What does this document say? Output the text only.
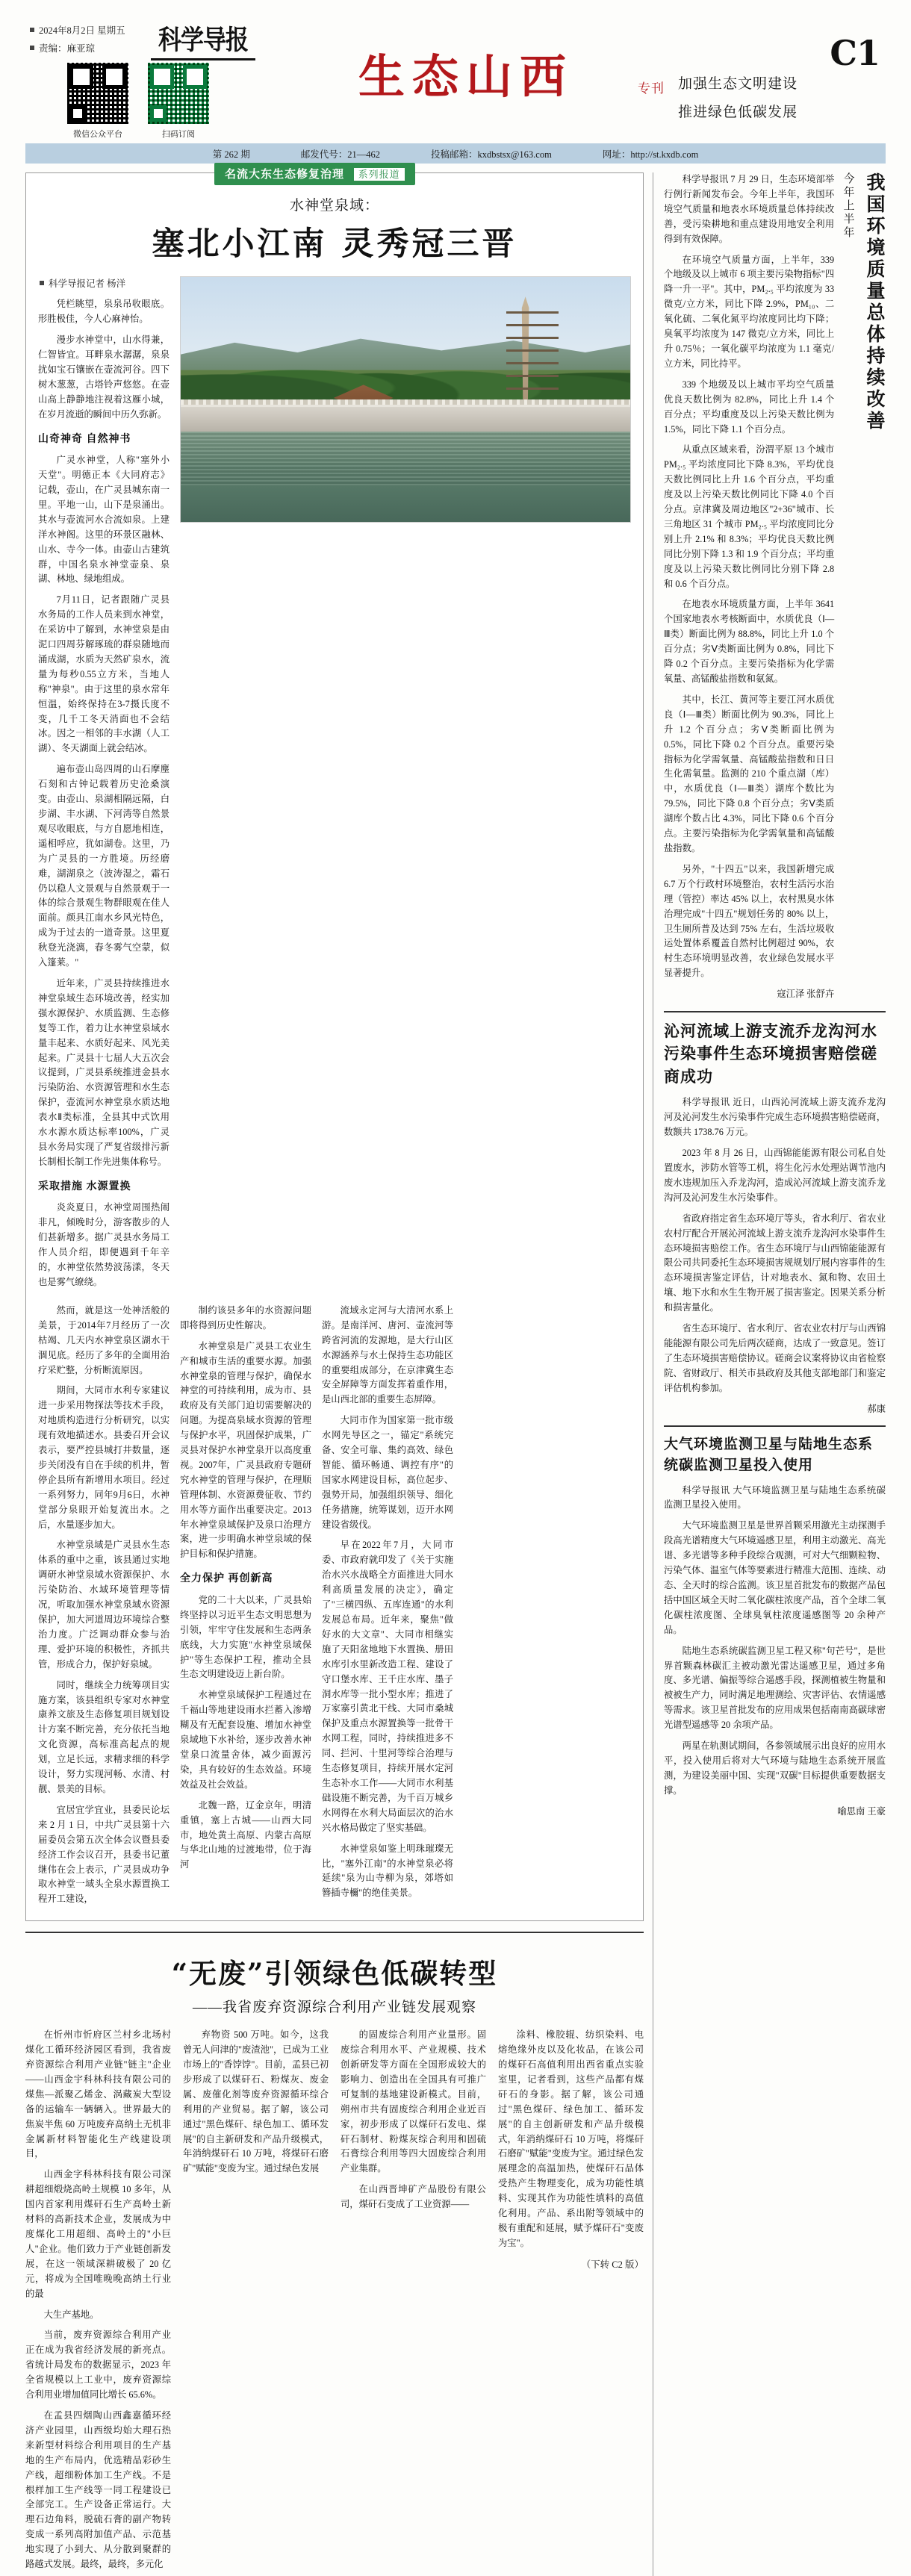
2024年8月2日 星期五
责编：麻亚琼	科学导报
微信公众平台	扫码订阅
生态山西	专刊 加强生态文明建设
推进绿色低碳发展
C1
第 262 期	邮发代号：21—462	投稿邮箱：kxdbstsx@163.com	网址：http://st.kxdb.com
名流大东生态修复治理 系列报道
水神堂泉域：
塞北小江南 灵秀冠三晋
科学导报记者 杨洋

凭栏眺望，泉泉吊收眼底。形胜极佳，今人心麻神怡。

漫步水神堂中，山水得兼，仁智皆宜。耳畔泉水潺潺，泉泉扰如宝石镶嵌在壶流河谷。四下树木葱葱，古塔铃声悠悠。在壶山高上静静地注视着这雁小城，在岁月流逝的瞬间中历久弥新。

山奇神奇 自然神书

广灵水神堂，人称"塞外小天堂"。明德正本《大同府志》记载，壶山，在广灵县城东南一里。平地一山，山下是泉涌出。其水与壶流河水合流如泉。上建洋水神阁。这里的环景区融林、山水、寺今一体。由壶山古建筑群，中国名泉水神堂壶泉、泉湖、林地、绿地组成。

7月11日，记者跟随广灵县水务局的工作人员来到水神堂，在采访中了解到，水神堂泉是由泥口四周芬解琢琉的群泉随地而涌成湖，水质为天然矿泉水，流量为每秒0.55立方米，当地人称"神泉"。由于这里的泉水常年恒温，始终保持在3-7摄氏度不变，几千工冬天消面也不会结冰。因之一相邻的丰水湖（人工湖）、冬天湖面上就会结冰。

遍布壶山岛四周的山石摩塵石刻和古钟记载着历史沧桑演变。由壶山、泉湖相隔远隔，白步湖、丰水湖、下河湾等自然景观尽收眼底，与方自愿地相连，遥相呼应，犹如湖卷。这里，乃为广灵县的一方胜境。历经磨难，湖湖泉之（波涛湿之，霜石仍以稳人文景观与自然景观于一体的综合景观生物群眼观在佳人面前。颜具江南水乡风光特色，成为于过去的一道奇景。这里夏秋登光浇漓，春冬雾气空蒙，似入篷莱。"

近年来，广灵县持续推进水神堂泉域生态环境改善，经实加强水源保护、水质监测、生态修复等工作，着力让水神堂泉域水量丰起来、水质好起来、风光美起来。广灵县十七届人大五次会议提到，广灵县系统推进金县水污染防治、水资源管理和水生态保护，壶流河水神堂泉水质达地表水Ⅱ类标准，全县其中式饮用水水源水质达标率100%，广灵县水务局实现了严复省级排污新长制相长制工作先进集体称号。

采取措施 水源置换

炎炎夏日，水神堂周围热闹非凡，倾晚时分，游客散步的人们甚新增多。据广灵县水务局工作人员介绍，即便遇到千年辛的，水神堂依然势波荡漾，冬天也是雾气缭绕。

然而，就是这一处神活般的美景，于2014年7月经历了一次枯竭、几天内水神堂泉区湖水干涸见底。经历了多年的全面用治疗采贮整，分析断流原因。

期间，大同市水利专家建议进一步采用物探法等技术手段，对地质构造进行分析研究，以实现有效地描述水。县委召开会议表示，要严控县城打井数量，逐步关闭没有自在手续的机井，暂停企县所有新增用水项目。经过一系列努力，同年9月6日，水神堂部分泉眼开始复流出水。之后，水量逐步加大。

水神堂泉域是广灵县水生态体系的重中之重，该县通过实地调研水神堂泉域水资源保护、水污染防治、水域环境管理等情况，听取加强水神堂泉域水资源保护，加大河道周边环境综合整治力度。广泛调动群众参与治理、爱护环境的积极性，齐抓共管，形成合力，保护好泉城。

同时，继续全力统筹项目实施方案，该县组织专家对水神堂康养文旅及生态修复项目规划设计方案不断完善，充分依托当地文化资源，高标准高起点的规划，立足长远，求精求细的科学设计，努力实现河畅、水清、村靓、景美的目标。

宜居宜学宜业，县委民论坛来 2 月 1 日，中共广灵县第十六届委员会第五次全体会议暨县委经济工作会议召开，县委书记董继伟在会上表示，广灵县成功争取水神堂一域头全泉水源置换工程开工建设，

制约该县多年的水资源问题即将得到历史性解决。

水神堂泉是广灵县工农业生产和城市生活的重要水源。加强水神堂泉的管理与保护，确保水神堂的可持续利用，成为市、县政府及有关部门迫切需要解决的问题。为提高泉域水资源的管理与保护水平，巩固保护成果，广灵县对保护水神堂泉开以高度重视。2007年，广灵县政府专题研究水神堂的管理与保护，在理顺管理体制、水资源费征收、节约用水等方面作出重要决定。2013年水神堂泉域保护及泉口治理方案，进一步明确水神堂泉域的保护目标和保护措施。

全力保护 再创新高

党的二十大以来，广灵县始终坚持以习近平生态文明思想为引领，牢牢守住发展和生态两条底线，大力实施"水神堂泉域保护"等生态保护工程，推动全县生态文明建设迈上新台阶。

水神堂泉域保护工程通过在千福山等地建设雨水拦蓄入渗增糊及有无配套设施、增加水神堂泉域地下水补给，逐步改善水神堂泉口流量舍体，减少面源污染，具有较好的生态效益。环境效益及社会效益。

北魏一路，辽金京年，明清重镇，塞上古城——山西大同市，地处黄土高原、内蒙古高原与华北山地的过渡地带，位于海河

流域永定河与大清河水系上游。是南洋河、唐河、壶流河等跨省河流的发源地，是大行山区水源涵养与水土保持生态功能区的重要组成部分，在京津冀生态安全屏障等方面发挥着重作用，是山西北部的重要生态屏障。

大同市作为国家第一批市级水网先导区之一，锚定"系统完备、安全可靠、集约高效、绿色智能、循环畅通、调控有序"的国家水网建设目标，高位起步、强势开局，加强组织领导、细化任务措施，统筹谋划，迈开水网建设省级伐。

早在2022年7月，大同市委、市政府就印发了《关于实施治水兴水战略全方面推进大同水利高质量发展的决定》，确定了"三横四纵、五库连通"的水利发展总布局。近年来，聚焦"做好水的大文章"、大同市相继实施了天阳盆地地下水置换、册田水库引水里新改造工程、建设了守口堡水库、王千庄水库、墨子洞水库等一批小型水库；推进了万家寨引黄北干线、大同市桑城保护及重点水源置换等一批骨干水网工程，同时，持续推进多不同、拦河、十里河等综合治理与生态修复项目，持续开展水定河生态补水工作——大同市水利基础设施不断完善，为千百万城乡水网得在水利大局面层次的治水兴水格局做定了坚实基础。

水神堂泉如鉴上明珠璀璨无比，"塞外江南"的水神堂泉必将延续"泉为山寺柳为泉，郊塔如簪插寺檷"的绝佳美景。

“无废”引领绿色低碳转型
——我省废弃资源综合利用产业链发展观察

在忻州市忻府区兰村乡北场村煤化工循环经济园区看到，我省废弃资源综合利用产业链"链主"企业——山西金宇科林科技有限公司的煤焦—派聚乙烯金、涡藏炭大型设备的运输车一辆辆入。世界最大的焦炭半焦 60 万吨废弃高纳土无机非金属新材料智能化生产线建设项目，

山西金字科林科技有限公司深耕超细煅烧高岭土规模 10 多年，从国内首家利用煤矸石生产高岭土新材料的高新技术企业，发展成为中度煤化工用超细、高岭土的"小巨人"企业。他们致力于产业链创新发展，在这一领域深耕破极了 20 亿元，将成为全国唯晚晚高纳土行业的最

大生产基地。

当前，废弃资源综合利用产业正在成为我省经济发展的新亮点。省统计局发布的数据显示，2023 年全省规模以上工业中，废弃资源综合利用业增加值同比增长 65.6%。

在孟县四烟陶山西鑫嘉循环经济产业园里，山西级均始大理石热来新型材料综合利用项目的生产基地的生产布局内，优选精品彩砂生产线，超细粉体加工生产线。不是根样加工生产线等一同工程建设已全部完工。生产设备正常运行。大理石边角料，脱硫石膏的副产物转变成一系列高附加值产品、示范基地实现了小到大、从分散到聚群的路越式发展。最终，最终，多元化

弃物资 500 万吨。如今，这我曾无人问津的"废渣池"，已成为工业市场上的"香饽饽"。目前，孟县已初步形成了以煤矸石、粉煤灰、废金属、废催化剂等废弃资源循环综合利用的产业贸易。据了解，该公司通过"黑色煤矸、绿色加工、循环发展"的自主新研发和产品升级模式，年消纳煤矸石 10 万吨，将煤矸石磨矿"赋能"变废为宝。通过绿色发展

的固废综合利用产业量形。固废综合利用水平、产业规模、技术创新研发等方面在全国形成较大的影响力、创造出在全国具有可推广可复制的基地建设新模式。目前，朔州市共有固废综合利用企业近百家，初步形成了以煤矸石发电、煤矸石制材、粉煤灰综合利用和固硫石膏综合利用等四大固废综合利用产业集群。

在山西晋坤矿产品股份有限公司，煤矸石变成了工业资源——

涂料、橡胶辊、纺织染料、电熔绝缘外皮以及化妆品，在该公司的煤矸石高值利用出西省重点实验室里，记者看到，这些产品都有煤矸石的身影。据了解，该公司通过"黑色煤矸、绿色加工、循环发展"的自主创新研发和产品升级模式，年消纳煤矸石 10 万吨，将煤矸石磨矿"赋能"变废为宝。通过绿色发展理念的高温加热，使煤矸石品体受热产生物理变化，成为功能性填料、实现其作为功能性填料的高值化利用。产品、系出附等领域中的极有重配和延展，赋予煤矸石"变废为宝"。

（下转 C2 版）
我国环境质量总体持续改善
今年上半年

科学导报讯 7 月 29 日，生态环境部举行例行新闻发布会。今年上半年，我国环境空气质量和地表水环境质量总体持续改善，受污染耕地和重点建设用地安全利用得到有效保障。

在环境空气质量方面，上半年，339 个地级及以上城市 6 项主要污染物指标"四降一升一平"。其中，PM₂.₅ 平均浓度为 33 微克/立方米，同比下降 2.9%，PM₁₀、二氧化硫、二氧化氮平均浓度同比均下降；臭氧平均浓度为 147 微克/立方米，同比上升 0.75％；一氧化碳平均浓度为 1.1 毫克/立方米，同比持平。

339 个地级及以上城市平均空气质量优良天数比例为 82.8%，同比上升 1.4 个百分点；平均重度及以上污染天数比例为 1.5%，同比下降 1.1 个百分点。

从重点区域来看，汾渭平原 13 个城市 PM₂.₅ 平均浓度同比下降 8.3%，平均优良天数比例同比上升 1.6 个百分点，平均重度及以上污染天数比例同比下降 4.0 个百分点。京津冀及周边地区"2+36"城市、长三角地区 31 个城市 PM₂.₅ 平均浓度同比分别上升 2.1% 和 8.3%；平均优良天数比例同比分别下降 1.3 和 1.9 个百分点；平均重度及以上污染天数比例同比分别下降 2.8 和 0.6 个百分点。

在地表水环境质量方面，上半年 3641 个国家地表水考核断面中，水质优良（Ⅰ—Ⅲ类）断面比例为 88.8%，同比上升 1.0 个百分点；劣Ⅴ类断面比例为 0.8%，同比下降 0.2 个百分点。主要污染指标为化学需氧量、高锰酸盐指数和氨氮。

其中，长江、黄河等主要江河水质优良（Ⅰ—Ⅲ类）断面比例为 90.3%，同比上升 1.2 个百分点；劣Ⅴ类断面比例为 0.5%，同比下降 0.2 个百分点。重要污染指标为化学需氧量、高锰酸盐指数和日日生化需氧量。监测的 210 个重点湖（库）中，水质优良（Ⅰ—Ⅲ类）湖库个数比为 79.5%，同比下降 0.8 个百分点；劣Ⅴ类质湖库个数占比 4.3%，同比下降 0.6 个百分点。主要污染指标为化学需氧量和高锰酸盐指数。

另外，"十四五"以来，我国新增完成 6.7 万个行政村环境整治，农村生活污水治理（管控）率达 45% 以上，农村黑臭水体治理完成"十四五"规划任务的 80% 以上，卫生厕所普及达到 75% 左右，生活垃圾收运处置体系覆盖自然村比例超过 90%，农村生态环境明显改善，农业绿色发展水平显著提升。

寇江泽 张舒卉
沁河流域上游支流乔龙沟河水污染事件生态环境损害赔偿磋商成功

科学导报讯 近日，山西沁河流域上游支流乔龙沟河及沁河发生水污染事件完成生态环境损害赔偿磋商，数额共 1738.76 万元。

2023 年 8 月 26 日，山西锦能能源有限公司私自处置废水，涉防水管等工机，将生化污水处理站调节池内废水违规加压入乔龙沟河，造成沁河流域上游支流乔龙沟河及沁河发生水污染事件。

省政府指定省生态环境厅等头，省水利厅、省农业农村厅配合开展沁河流域上游支流乔龙沟河水染事件生态环境损害赔偿工作。省生态环境厅与山西锦能能源有限公司共同委托生态环境损害规规划厅展内容事件的生态环境损害鉴定评估，计对地表水、氮和物、农田土壤、地下水和水生生物开展了损害鉴定。因果关系分析和损害量化。

省生态环境厅、省水利厅、省农业农村厅与山西锦能能源有限公司先后两次磋商，达成了一致意见。签订了生态环境损害赔偿协议。磋商会议案将协议由省检察院、省财政厅、相关市县政府及其他支部地部门和鉴定评估机构参加。

郝康
大气环境监测卫星与陆地生态系统碳监测卫星投入使用

科学导报讯 大气环境监测卫星与陆地生态系统碳监测卫星投入使用。

大气环境监测卫星是世界首颗采用激光主动探测手段高光谱精度大气环境遥感卫星，利用主动激光、高光谱、多光谱等多种手段综合观测，可对大气细颗粒物、污染气体、温室气体等要素进行精准大范围、连续、动态、全天时的综合监测。该卫星首批发布的数据产品包括中国区域全天时二氧化碳柱浓度产品，首个全球二氧化碳柱浓度图、全球臭氧柱浓度遥感图等 20 余种产品。

陆地生态系统碳监测卫星工程又称"句芒号"，是世界首颗森林碳汇主被动激光雷达遥感卫星，通过多角度、多光谱、偏振等综合遥感手段，探测植被生物量和被被生产力，同时满足地理测绘、灾害评估、农情遥感等需求。该卫星首批发布的应用成果包括南南高碳球密光谱型遥感等 20 余项产品。

两星在轨测试期间，各参领域展示出良好的应用水平，投入使用后将对大气环境与陆地生态系统开展监测，为建设美丽中国、实现"双碳"目标提供重要数据支撑。

喻思南 王豪
